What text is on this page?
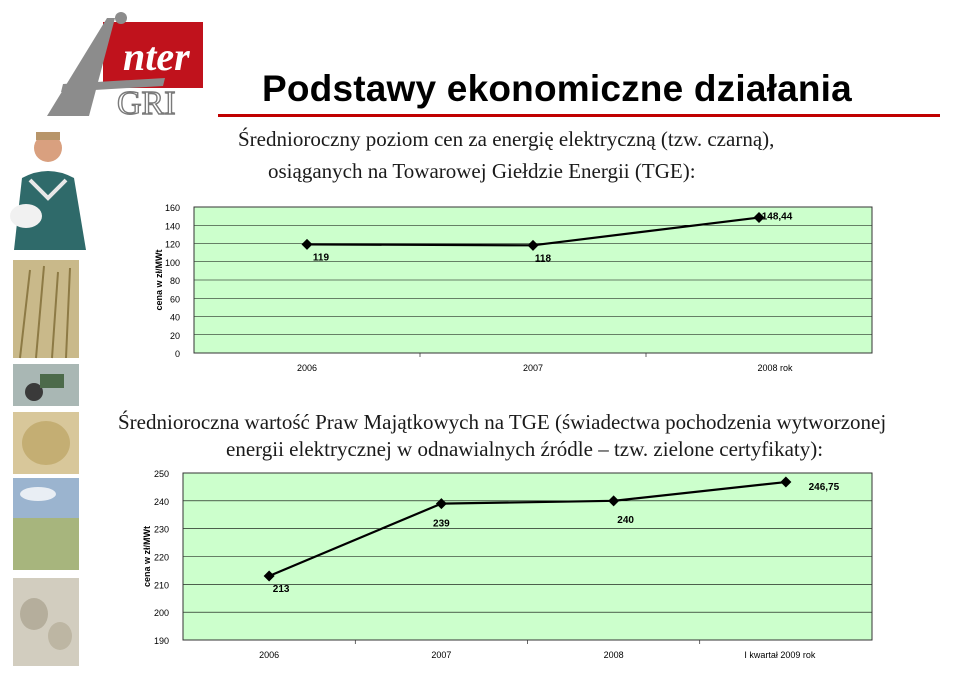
nter
GRI Podstawy ekonomiczne działania
Średnioroczny poziom cen za energię elektryczną (tzw. czarną),
osiąganych na Towarowej Giełdzie Energii (TGE):
Średnioroczna wartość Praw Majątkowych na TGE (świadectwa pochodzenia wytworzonej
energii elektrycznej w odnawialnych źródle – tzw. zielone certyfikaty):
0
20
40
60
80
100
120
140
160
2006	2007	2008 rok
119	118
148,44
cena w zł/MWt
190
200
210
220
230
240
250
2006	2007	2008	I kwartał 2009 rok
213
239	240
246,75
cena w zł/MWt
